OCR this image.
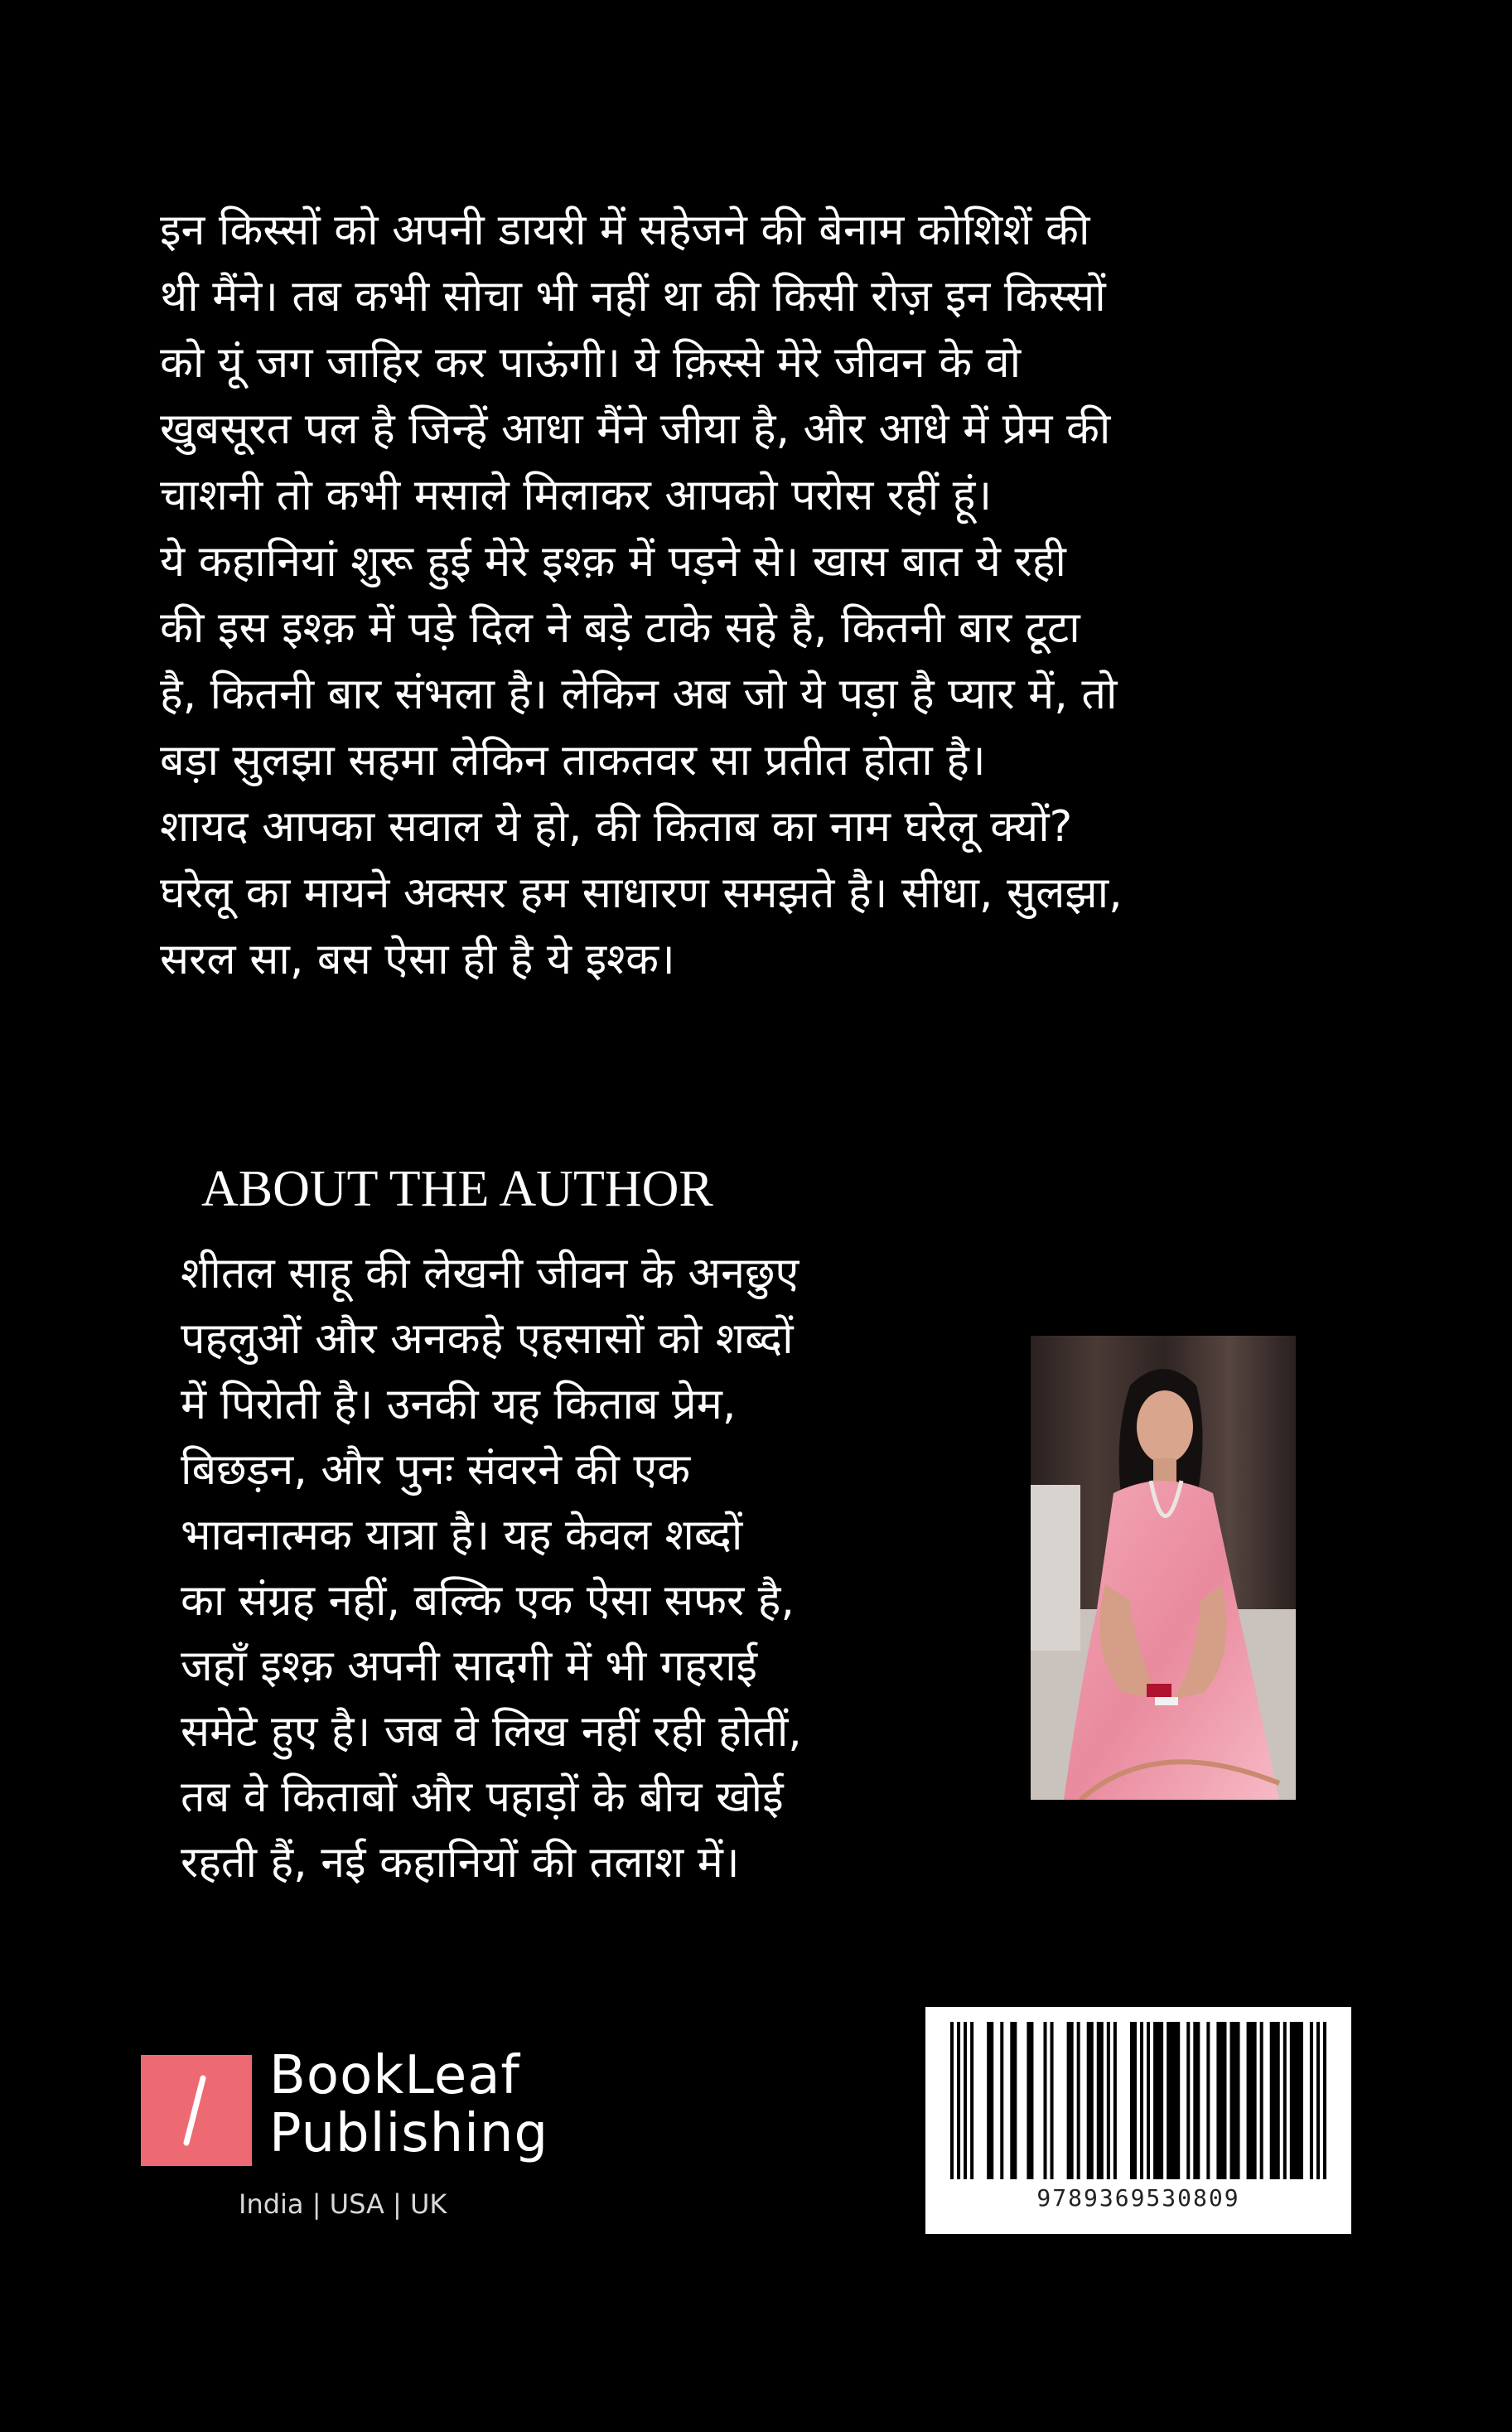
इन किस्सों को अपनी डायरी में सहेजने की बेनाम कोशिशें की
थी मैंने। तब कभी सोचा भी नहीं था की किसी रोज़ इन किस्सों
को यूं जग जाहिर कर पाऊंगी। ये क़िस्से मेरे जीवन के वो
खुबसूरत पल है जिन्हें आधा मैंने जीया है, और आधे में प्रेम की
चाशनी तो कभी मसाले मिलाकर आपको परोस रहीं हूं।
ये कहानियां शुरू हुई मेरे इश्क़ में पड़ने से। खास बात ये रही
की इस इश्क़ में पड़े दिल ने बड़े टाके सहे है, कितनी बार टूटा
है, कितनी बार संभला है। लेकिन अब जो ये पड़ा है प्यार में, तो
बड़ा सुलझा सहमा लेकिन ताकतवर सा प्रतीत होता है।
शायद आपका सवाल ये हो, की किताब का नाम घरेलू क्यों?
घरेलू का मायने अक्सर हम साधारण समझते है। सीधा, सुलझा,
सरल सा, बस ऐसा ही है ये इश्क।
ABOUT THE AUTHOR
शीतल साहू की लेखनी जीवन के अनछुए
पहलुओं और अनकहे एहसासों को शब्दों
में पिरोती है। उनकी यह किताब प्रेम,
बिछड़न, और पुनः संवरने की एक
भावनात्मक यात्रा है। यह केवल शब्दों
का संग्रह नहीं, बल्कि एक ऐसा सफर है,
जहाँ इश्क़ अपनी सादगी में भी गहराई
समेटे हुए है। जब वे लिख नहीं रही होतीं,
तब वे किताबों और पहाड़ों के बीच खोई
रहती हैं, नई कहानियों की तलाश में।
9789369530809
BookLeaf
Publishing
India | USA | UK
